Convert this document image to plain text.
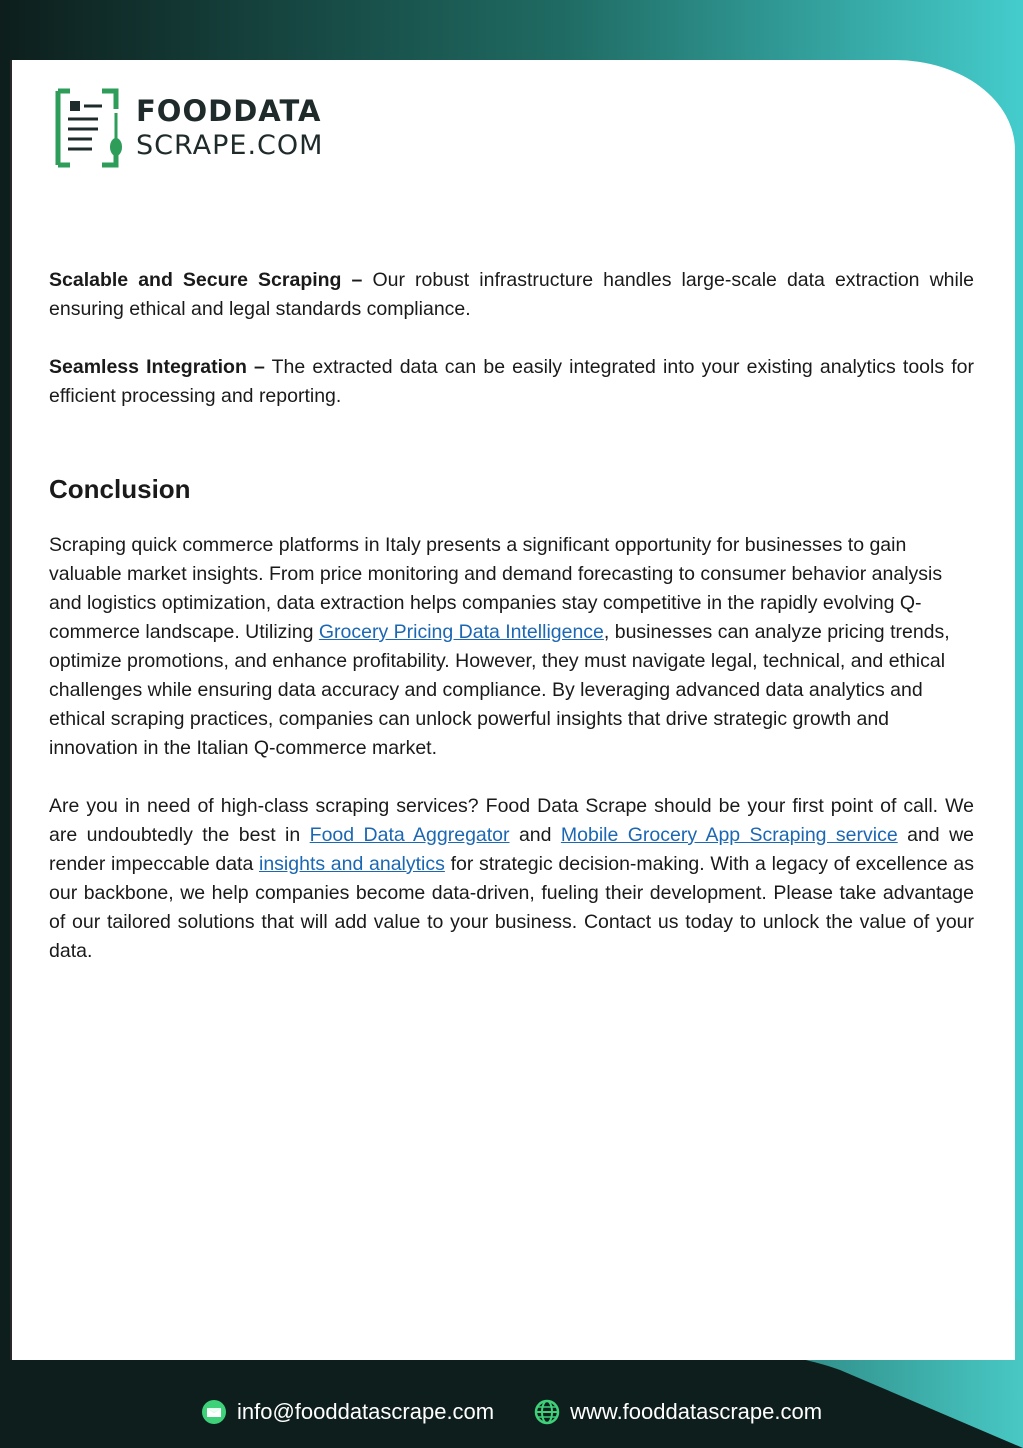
FOODDATA
SCRAPE.COM

Scalable and Secure Scraping – Our robust infrastructure handles large-scale data extraction while ensuring ethical and legal standards compliance.

Seamless Integration – The extracted data can be easily integrated into your existing analytics tools for efficient processing and reporting.

Conclusion

Scraping quick commerce platforms in Italy presents a significant opportunity for businesses to gain valuable market insights. From price monitoring and demand forecasting to consumer behavior analysis and logistics optimization, data extraction helps companies stay competitive in the rapidly evolving Q-commerce landscape. Utilizing Grocery Pricing Data Intelligence, businesses can analyze pricing trends, optimize promotions, and enhance profitability. However, they must navigate legal, technical, and ethical challenges while ensuring data accuracy and compliance. By leveraging advanced data analytics and ethical scraping practices, companies can unlock powerful insights that drive strategic growth and innovation in the Italian Q-commerce market.

Are you in need of high-class scraping services? Food Data Scrape should be your first point of call. We are undoubtedly the best in Food Data Aggregator and Mobile Grocery App Scraping service and we render impeccable data insights and analytics for strategic decision-making. With a legacy of excellence as our backbone, we help companies become data-driven, fueling their development. Please take advantage of our tailored solutions that will add value to your business. Contact us today to unlock the value of your data.

info@fooddatascrape.com	www.fooddatascrape.com
